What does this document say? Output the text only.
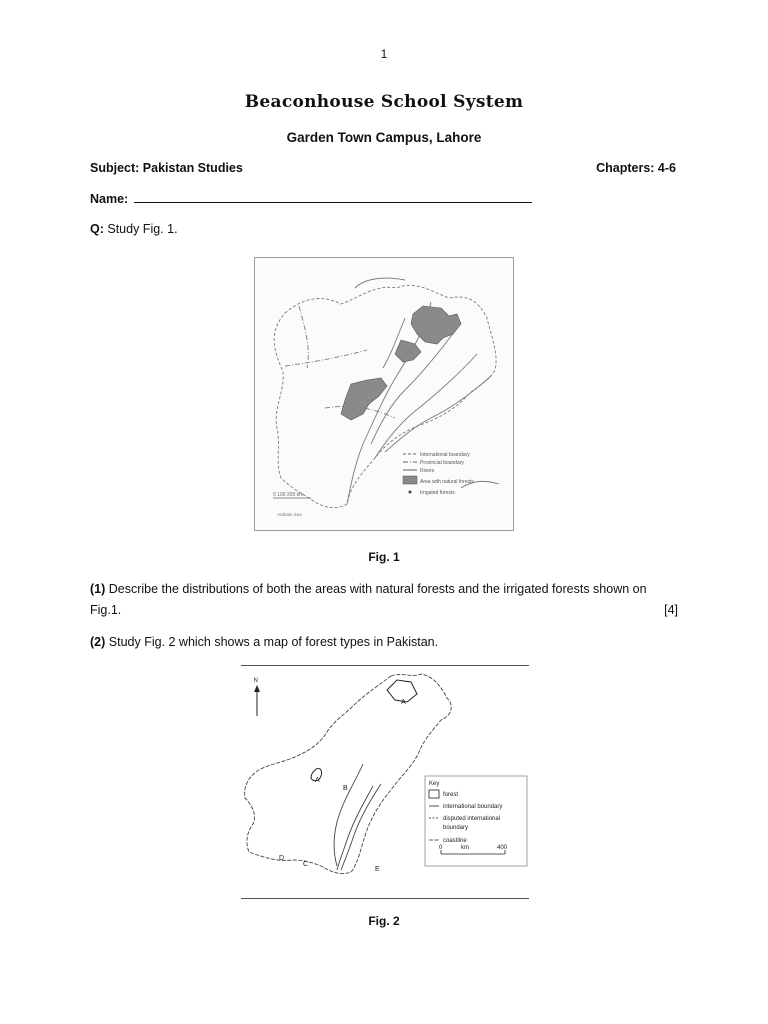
1
Beaconhouse School System
Garden Town Campus, Lahore
Subject: Pakistan Studies	Chapters: 4-6
Name:
Q: Study Fig. 1.
International boundary
Provincial boundary
Rivers
Area with natural forests
Irrigated forests
0 100 200 km
Arabian Sea
Fig. 1
(1) Describe the distributions of both the areas with natural forests and the irrigated forests shown on
Fig.1.	[4]
(2) Study Fig. 2 which shows a map of forest types in Pakistan.
N
A
A
B
C
D
E
Key
forest
international boundary
disputed international
boundary
coastline
0	km	400
Fig. 2
